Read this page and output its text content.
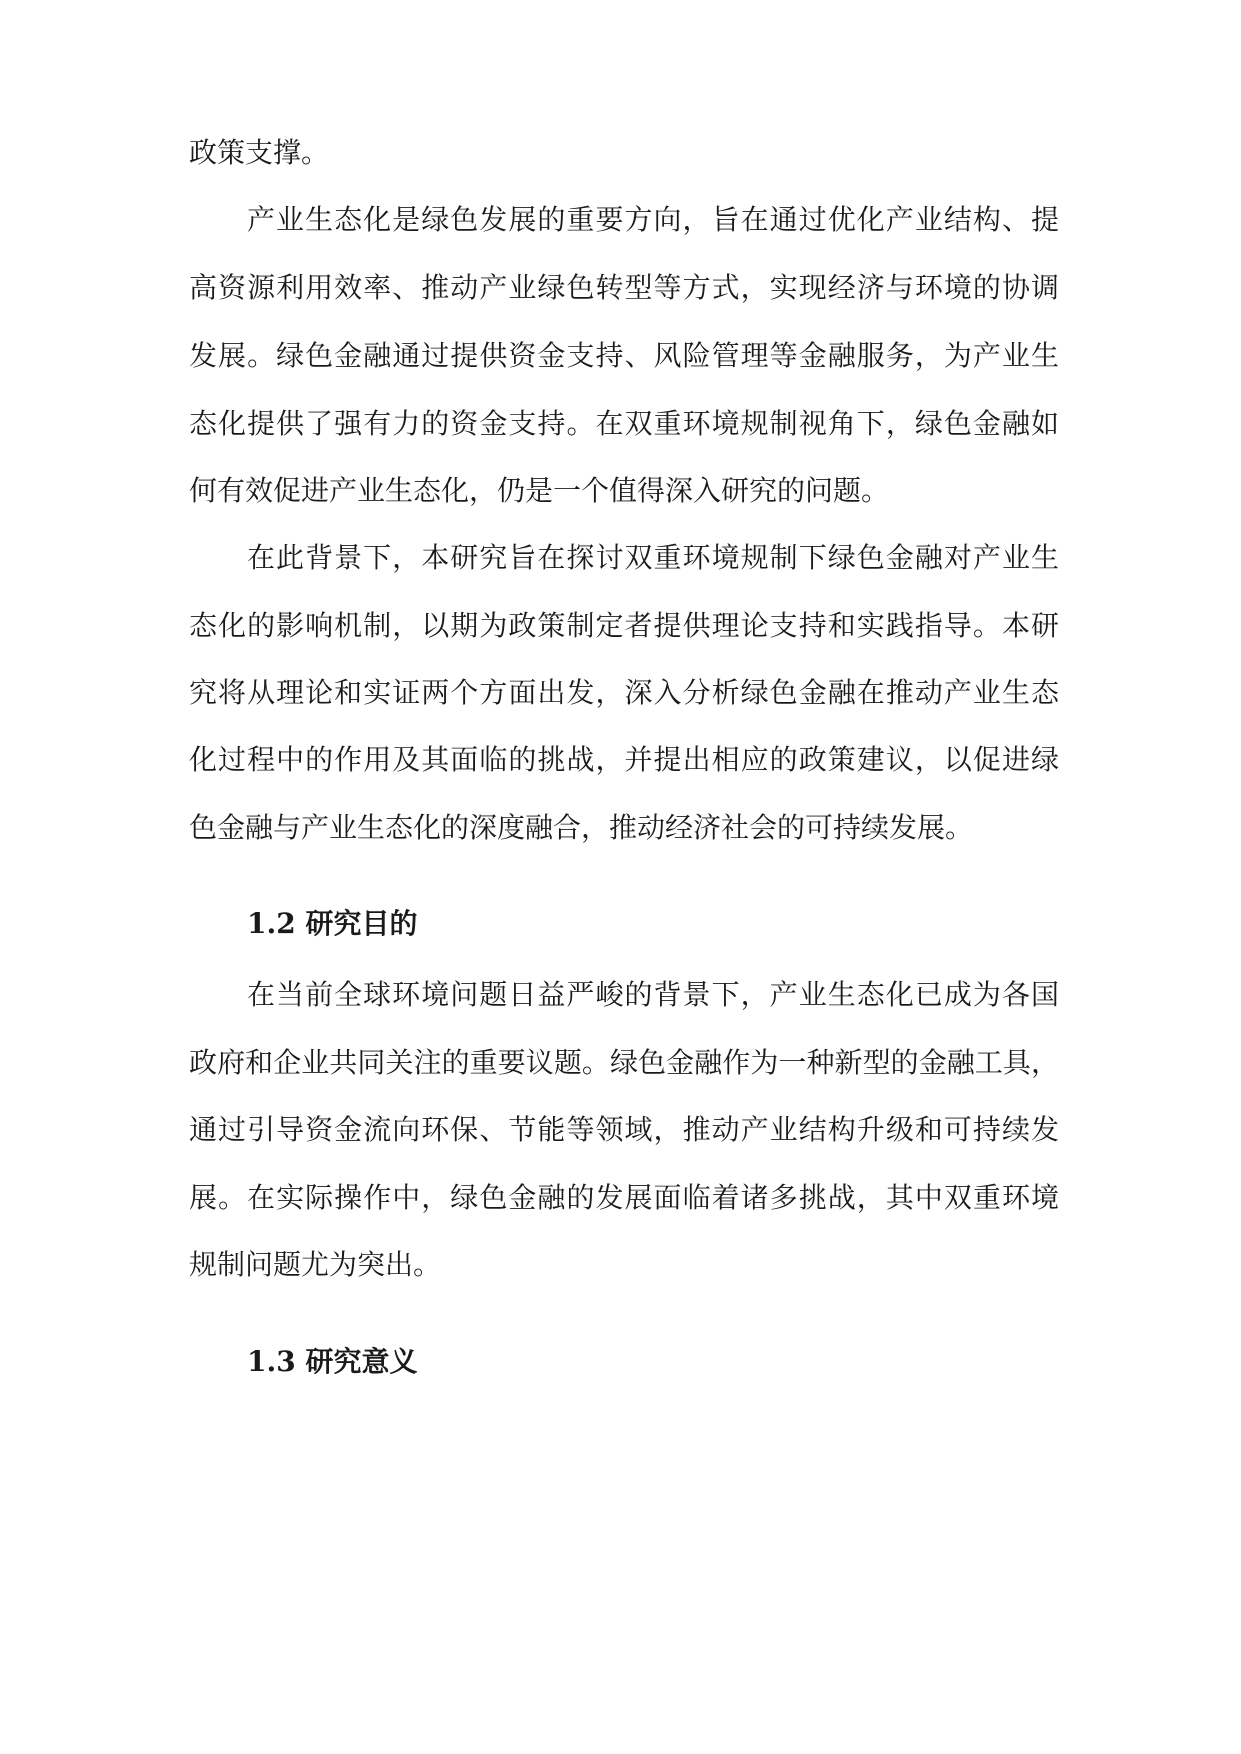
政策支撑。
产业生态化是绿色发展的重要方向，旨在通过优化产业结构、提
高资源利用效率、推动产业绿色转型等方式，实现经济与环境的协调
发展。绿色金融通过提供资金支持、风险管理等金融服务，为产业生
态化提供了强有力的资金支持。在双重环境规制视角下，绿色金融如
何有效促进产业生态化，仍是一个值得深入研究的问题。
在此背景下，本研究旨在探讨双重环境规制下绿色金融对产业生
态化的影响机制，以期为政策制定者提供理论支持和实践指导。本研
究将从理论和实证两个方面出发，深入分析绿色金融在推动产业生态
化过程中的作用及其面临的挑战，并提出相应的政策建议，以促进绿
色金融与产业生态化的深度融合，推动经济社会的可持续发展。
1.2 研究目的
在当前全球环境问题日益严峻的背景下，产业生态化已成为各国
政府和企业共同关注的重要议题。绿色金融作为一种新型的金融工具，
通过引导资金流向环保、节能等领域，推动产业结构升级和可持续发
展。在实际操作中，绿色金融的发展面临着诸多挑战，其中双重环境
规制问题尤为突出。
1.3 研究意义
